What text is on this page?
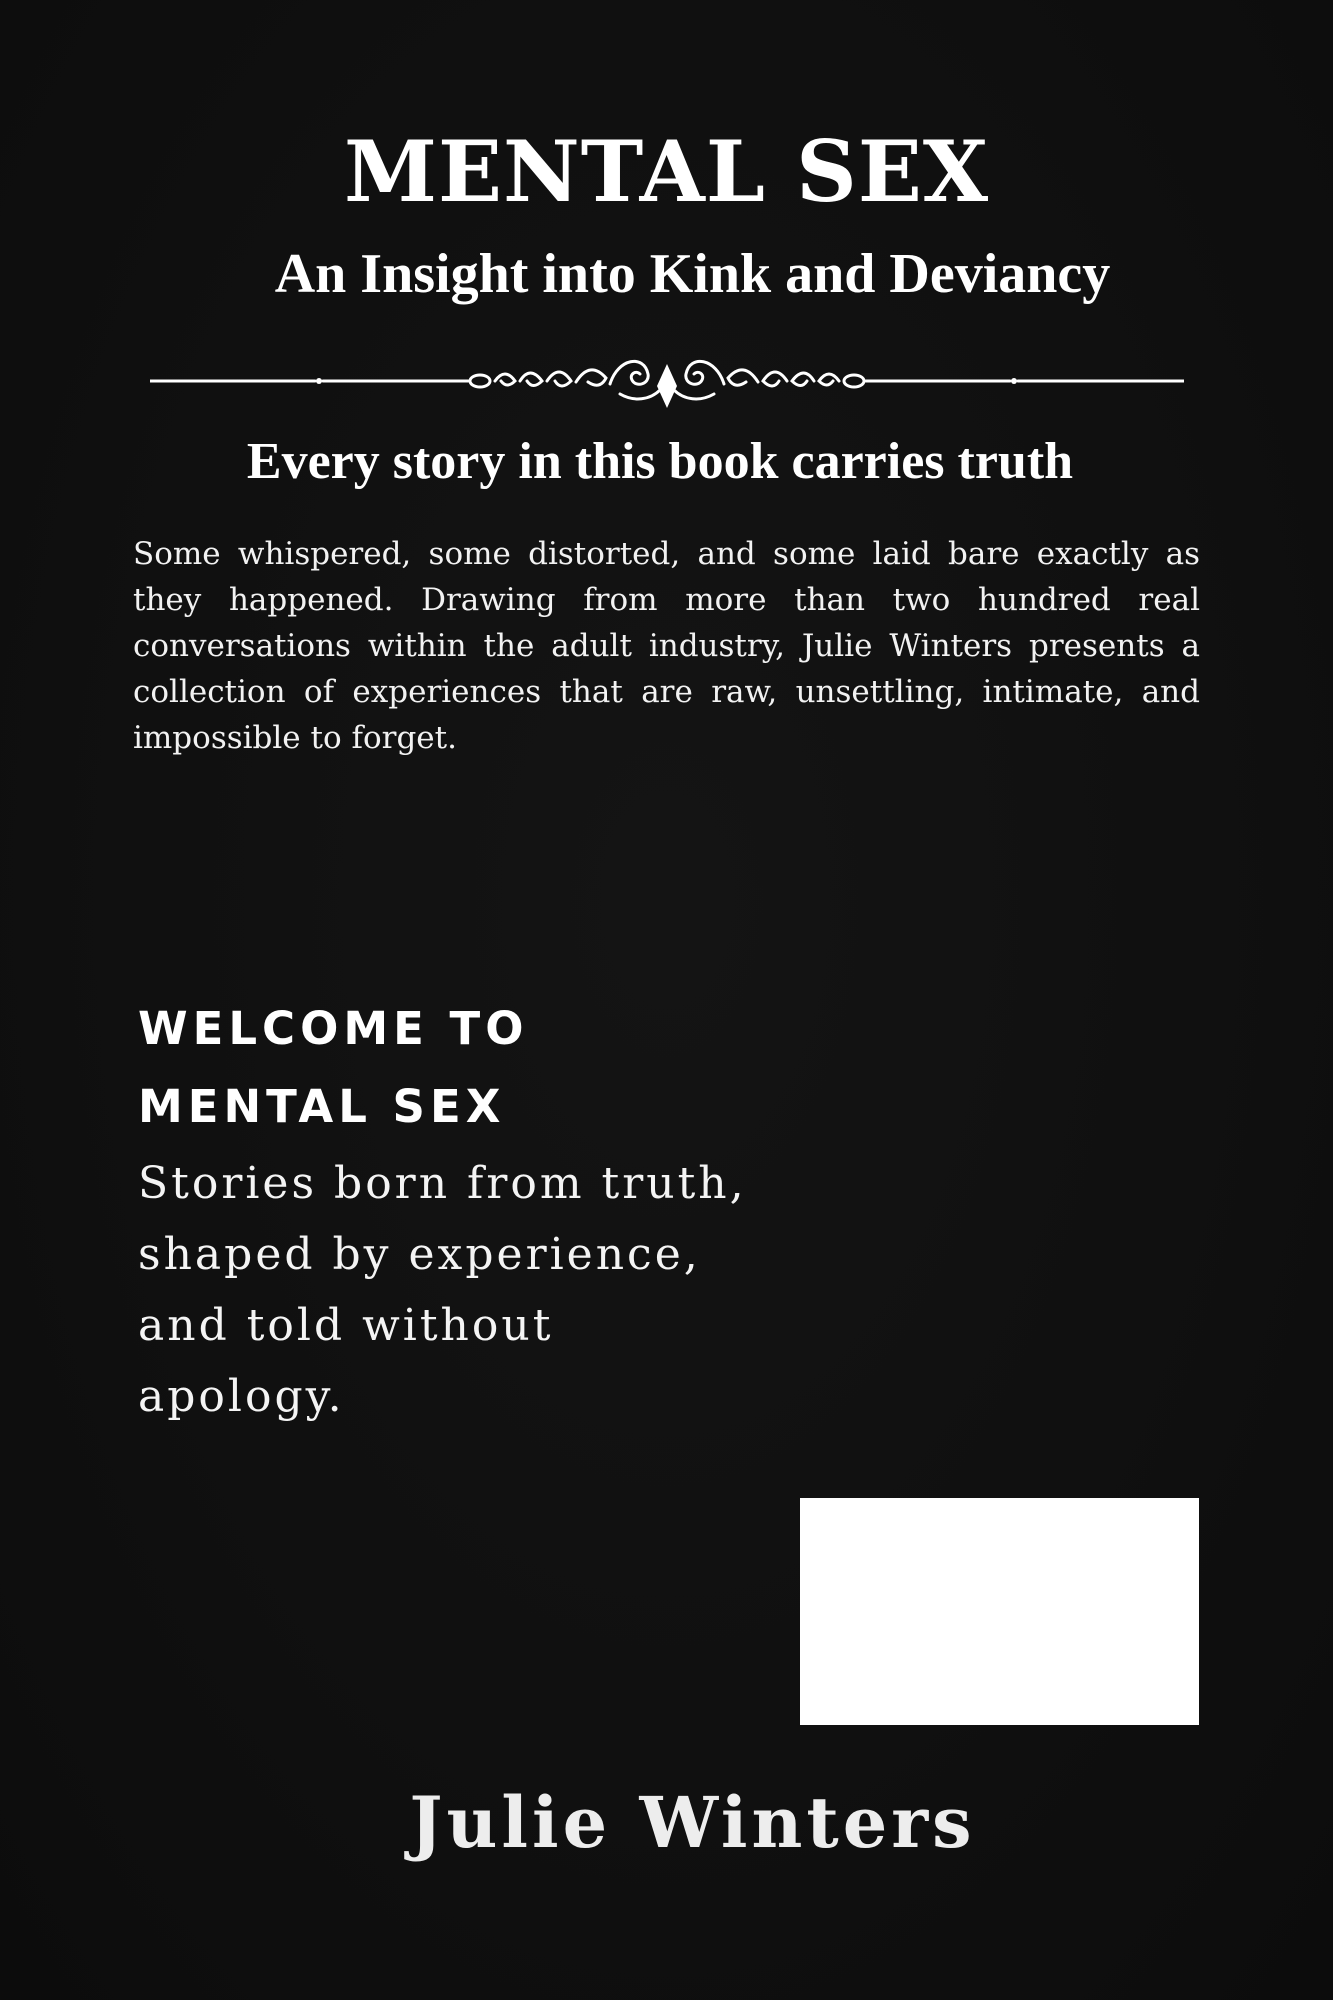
MENTAL SEX
An Insight into Kink and Deviancy
Every story in this book carries truth

Some whispered, some distorted, and some laid bare exactly as they happened. Drawing from more than two hundred real conversations within the adult industry, Julie Winters presents a collection of experiences that are raw, unsettling, intimate, and impossible to forget.

WELCOME TO MENTAL SEX

Stories born from truth, shaped by experience, and told without apology.

Julie Winters
